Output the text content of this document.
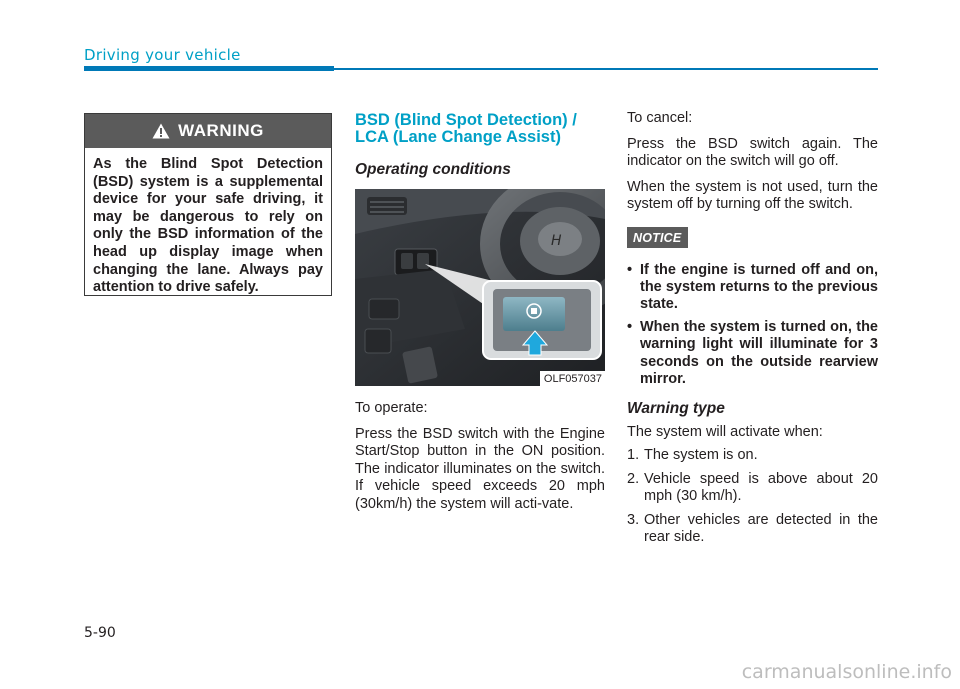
Driving your vehicle
WARNING
As the Blind Spot Detection (BSD) system is a supplemental device for your safe driving, it may be dangerous to rely on only the BSD information of the head up display image when changing the lane. Always pay attention to drive safely.
BSD (Blind Spot Detection) / LCA (Lane Change Assist)
Operating conditions
H
OLF057037
To operate:
Press the BSD switch with the Engine Start/Stop button in the ON position. The indicator illuminates on the switch. If vehicle speed exceeds 20 mph (30km/h) the system will acti-vate.
To cancel:
Press the BSD switch again. The indicator on the switch will go off.
When the system is not used, turn the system off by turning off the switch.
NOTICE
• If the engine is turned off and on, the system returns to the previous state.
• When the system is turned on, the warning light will illuminate for 3 seconds on the outside rearview mirror.
Warning type
The system will activate when:
1. The system is on.
2. Vehicle speed is above about 20 mph (30 km/h).
3. Other vehicles are detected in the rear side.
5-90
carmanualsonline.info
